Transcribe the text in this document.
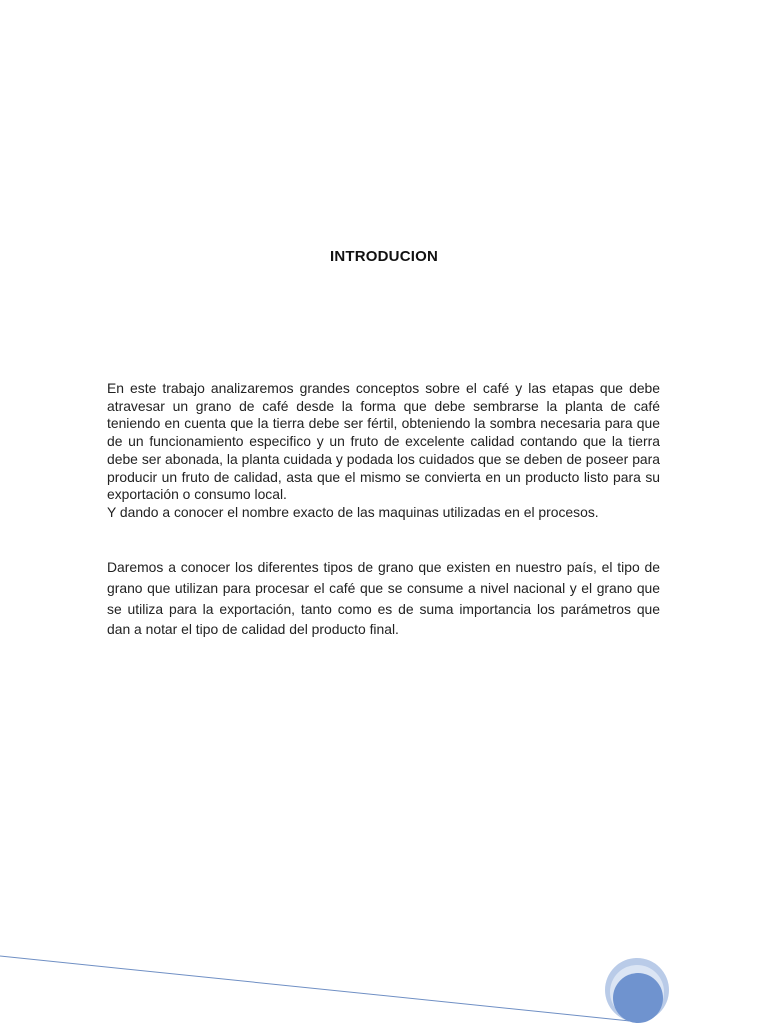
INTRODUCION

En este trabajo analizaremos grandes conceptos sobre el café y las etapas que debe atravesar un grano de café desde la forma que debe sembrarse la planta de café teniendo en cuenta que la tierra debe ser fértil, obteniendo la sombra necesaria para que de un funcionamiento especifico y un fruto de excelente calidad contando que la tierra debe ser abonada, la planta cuidada y podada los cuidados que se deben de poseer para producir un fruto de calidad, asta que el mismo se convierta en un producto listo para su exportación o consumo local.
Y dando a conocer el nombre exacto de las maquinas utilizadas en el procesos.

Daremos a conocer los diferentes tipos de grano que existen en nuestro país, el tipo de grano que utilizan para procesar el café que se consume a nivel nacional y el grano que se utiliza para la exportación, tanto como es de suma importancia los parámetros que dan a notar el tipo de calidad del producto final.
